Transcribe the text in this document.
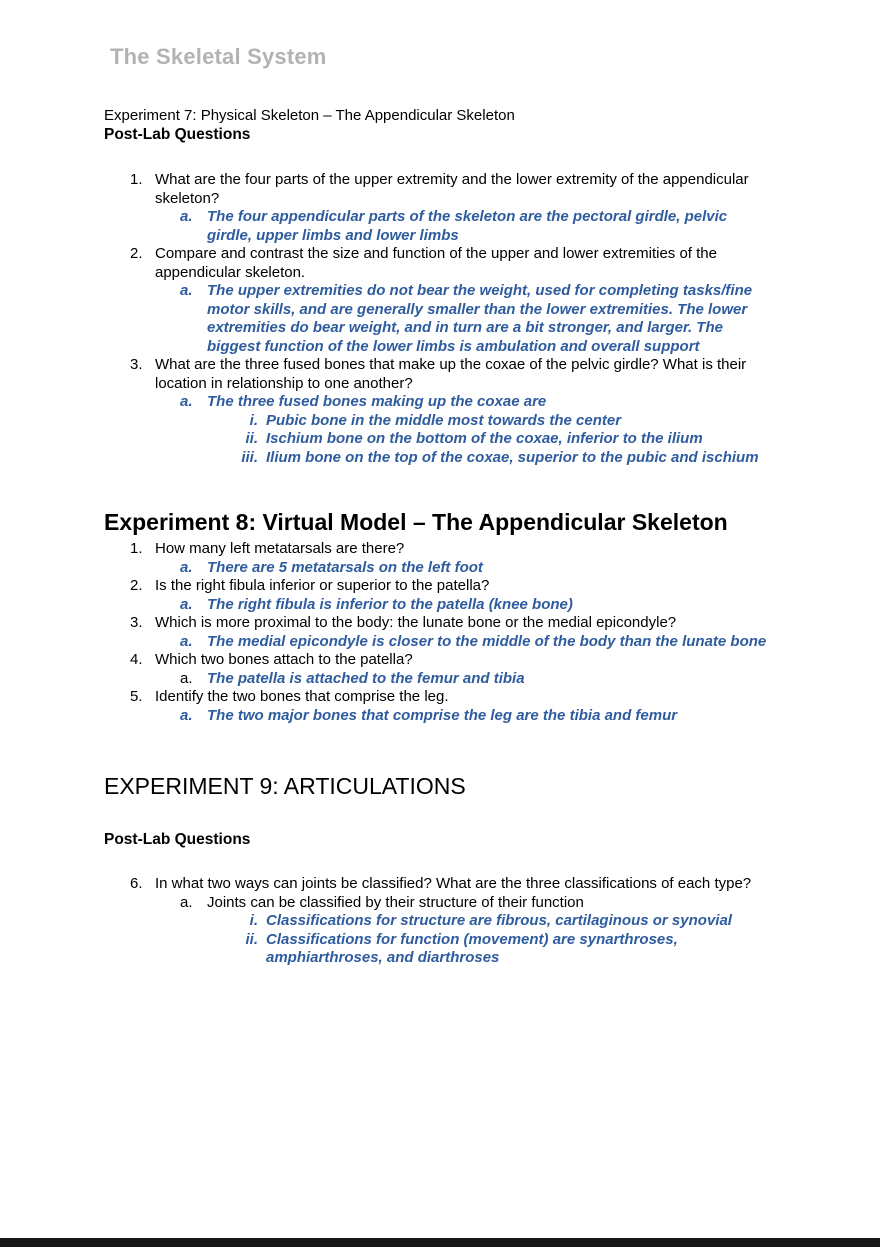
The Skeletal System

Experiment 7: Physical Skeleton – The Appendicular Skeleton

Post-Lab Questions

1. What are the four parts of the upper extremity and the lower extremity of the appendicular skeleton?
a. The four appendicular parts of the skeleton are the pectoral girdle, pelvic girdle, upper limbs and lower limbs
2. Compare and contrast the size and function of the upper and lower extremities of the appendicular skeleton.
a. The upper extremities do not bear the weight, used for completing tasks/fine motor skills, and are generally smaller than the lower extremities. The lower extremities do bear weight, and in turn are a bit stronger, and larger. The biggest function of the lower limbs is ambulation and overall support
3. What are the three fused bones that make up the coxae of the pelvic girdle? What is their location in relationship to one another?
a. The three fused bones making up the coxae are
i. Pubic bone in the middle most towards the center
ii. Ischium bone on the bottom of the coxae, inferior to the ilium
iii. Ilium bone on the top of the coxae, superior to the pubic and ischium
Experiment 8: Virtual Model – The Appendicular Skeleton
1. How many left metatarsals are there?
a. There are 5 metatarsals on the left foot
2. Is the right fibula inferior or superior to the patella?
a. The right fibula is inferior to the patella (knee bone)
3. Which is more proximal to the body: the lunate bone or the medial epicondyle?
a. The medial epicondyle is closer to the middle of the body than the lunate bone
4. Which two bones attach to the patella?
a. The patella is attached to the femur and tibia
5. Identify the two bones that comprise the leg.
a. The two major bones that comprise the leg are the tibia and femur
EXPERIMENT 9: ARTICULATIONS

Post-Lab Questions

6. In what two ways can joints be classified? What are the three classifications of each type?
a. Joints can be classified by their structure of their function
i. Classifications for structure are fibrous, cartilaginous or synovial
ii. Classifications for function (movement) are synarthroses, amphiarthroses, and diarthroses
